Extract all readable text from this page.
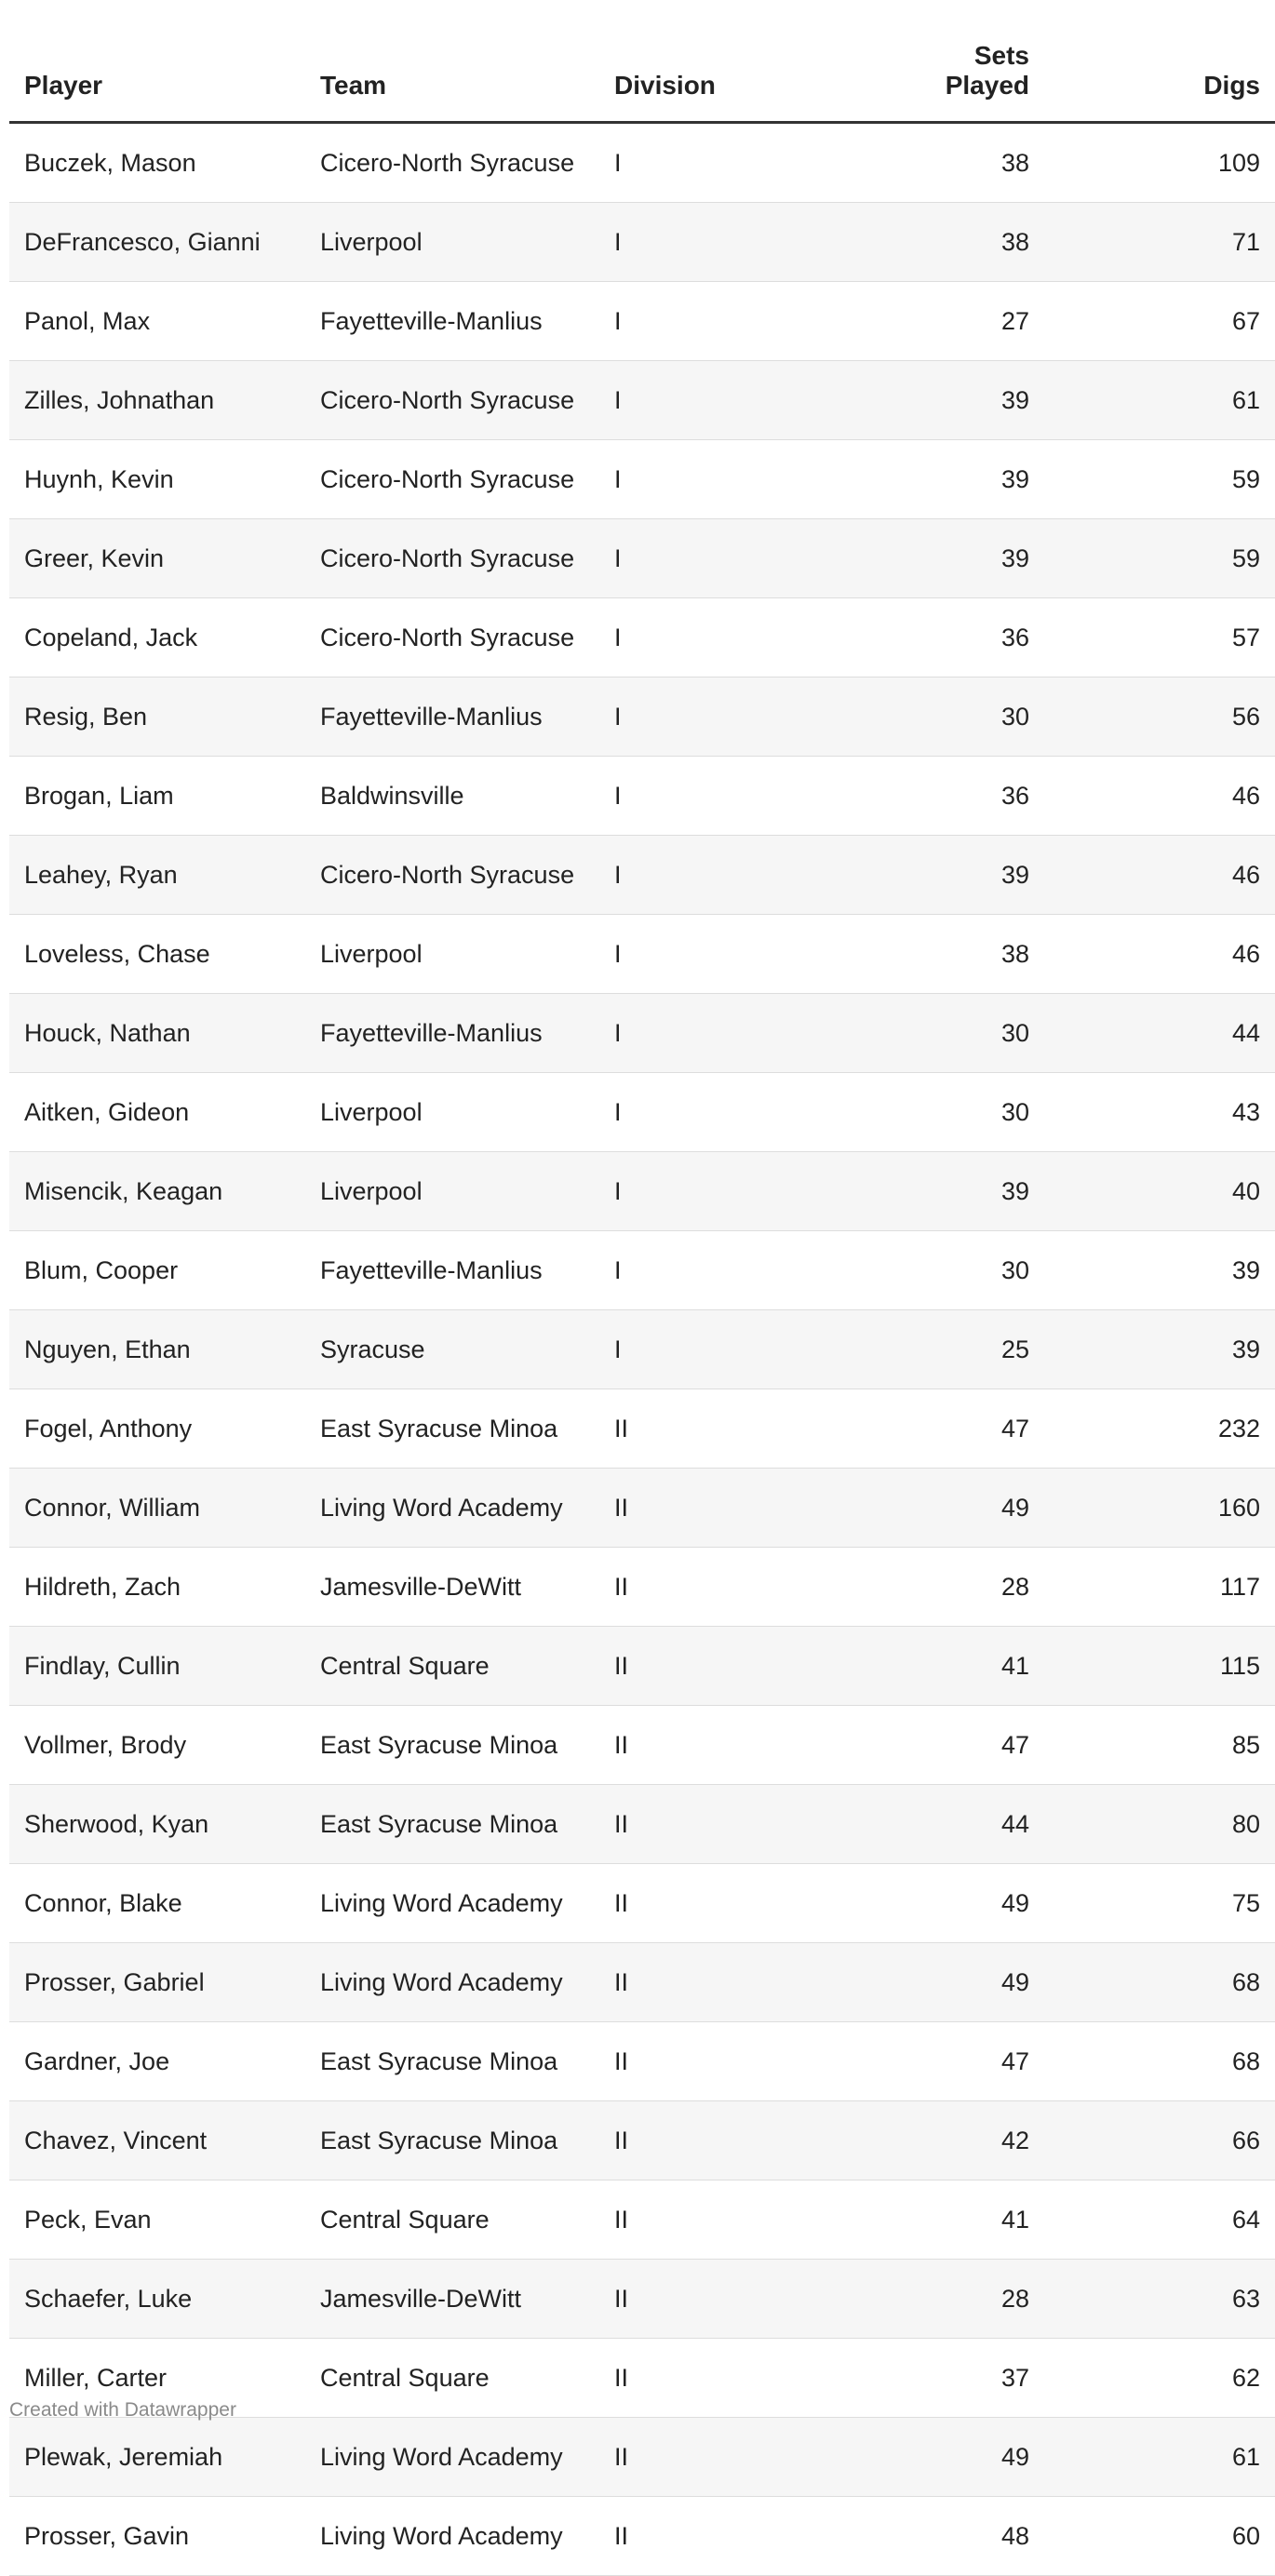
Player	Team	Division	Sets Played	Digs
Buczek, Mason	Cicero-North Syracuse	I	38	109
DeFrancesco, Gianni	Liverpool	I	38	71
Panol, Max	Fayetteville-Manlius	I	27	67
Zilles, Johnathan	Cicero-North Syracuse	I	39	61
Huynh, Kevin	Cicero-North Syracuse	I	39	59
Greer, Kevin	Cicero-North Syracuse	I	39	59
Copeland, Jack	Cicero-North Syracuse	I	36	57
Resig, Ben	Fayetteville-Manlius	I	30	56
Brogan, Liam	Baldwinsville	I	36	46
Leahey, Ryan	Cicero-North Syracuse	I	39	46
Loveless, Chase	Liverpool	I	38	46
Houck, Nathan	Fayetteville-Manlius	I	30	44
Aitken, Gideon	Liverpool	I	30	43
Misencik, Keagan	Liverpool	I	39	40
Blum, Cooper	Fayetteville-Manlius	I	30	39
Nguyen, Ethan	Syracuse	I	25	39
Fogel, Anthony	East Syracuse Minoa	II	47	232
Connor, William	Living Word Academy	II	49	160
Hildreth, Zach	Jamesville-DeWitt	II	28	117
Findlay, Cullin	Central Square	II	41	115
Vollmer, Brody	East Syracuse Minoa	II	47	85
Sherwood, Kyan	East Syracuse Minoa	II	44	80
Connor, Blake	Living Word Academy	II	49	75
Prosser, Gabriel	Living Word Academy	II	49	68
Gardner, Joe	East Syracuse Minoa	II	47	68
Chavez, Vincent	East Syracuse Minoa	II	42	66
Peck, Evan	Central Square	II	41	64
Schaefer, Luke	Jamesville-DeWitt	II	28	63
Miller, Carter	Central Square	II	37	62
Plewak, Jeremiah	Living Word Academy	II	49	61
Prosser, Gavin	Living Word Academy	II	48	60
Created with Datawrapper
